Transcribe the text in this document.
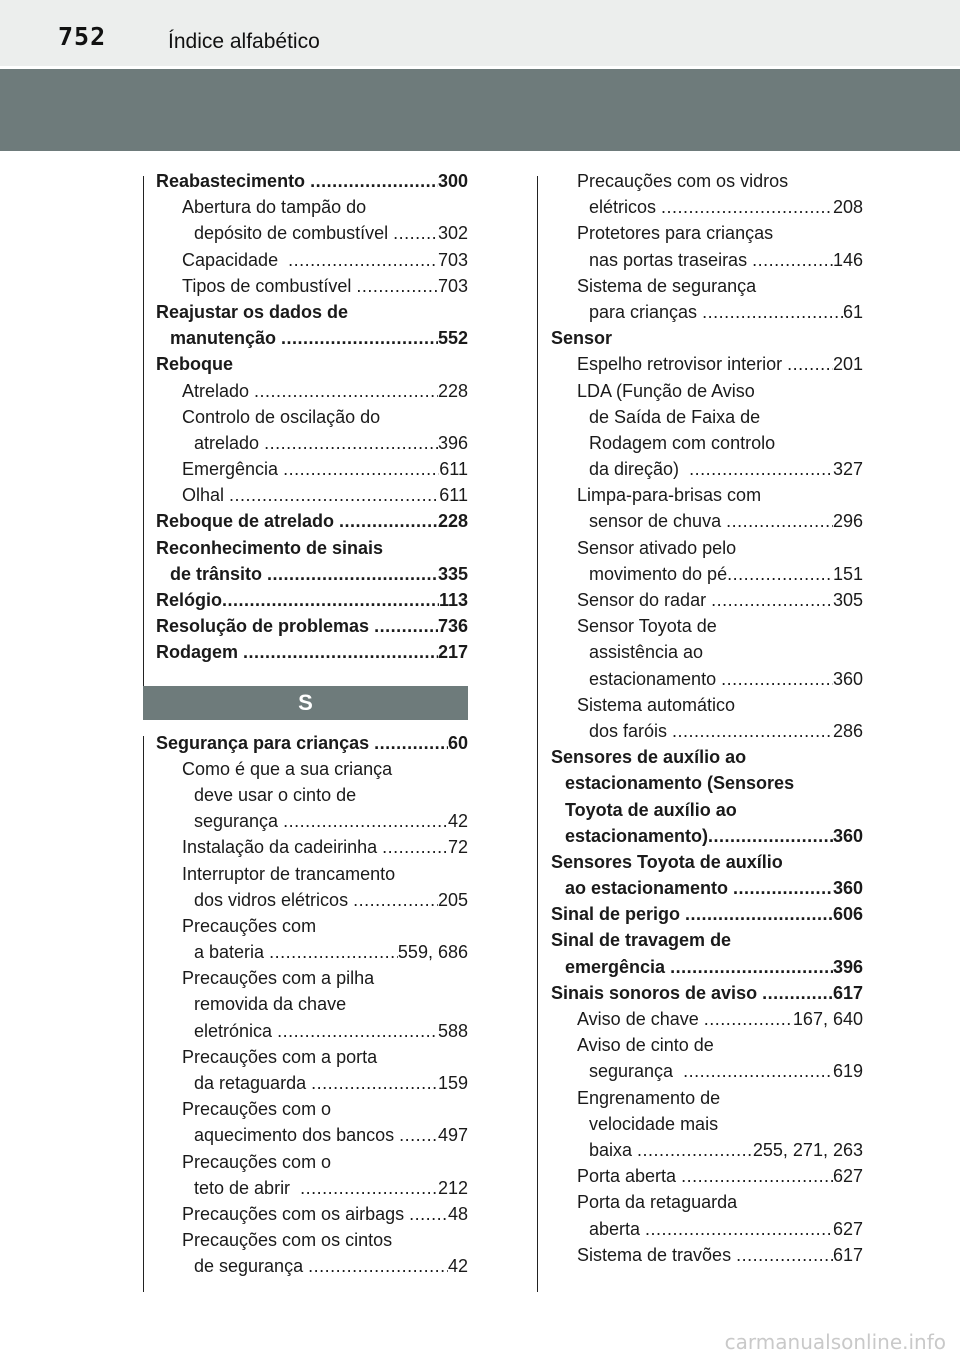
752	Índice alfabético
Reabastecimento .....	300
Abertura do tampão do
depósito de combustível ..... 302
Capacidade .....	703
Tipos de combustível .....	703
Reajustar os dados de
manutenção .....	552
Reboque
Atrelado .....	228
Controlo de oscilação do
atrelado .....	396
Emergência .....	611
Olhal .....	611
Reboque de atrelado .....	228
Reconhecimento de sinais
de trânsito .....	335
Relógio .....	113
Resolução de problemas .....	736
Rodagem .....	217
S
Segurança para crianças .....	60
Como é que a sua criança
deve usar o cinto de
segurança .....	42
Instalação da cadeirinha .....	72
Interruptor de trancamento
dos vidros elétricos .....	205
Precauções com
a bateria .....	559, 686
Precauções com a pilha
removida da chave
eletrónica .....	588
Precauções com a porta
da retaguarda .....	159
Precauções com o
aquecimento dos bancos ..... 497
Precauções com o
teto de abrir .....	212
Precauções com os airbags ..... 48
Precauções com os cintos
de segurança .....	42
Precauções com os vidros
elétricos .....	208
Protetores para crianças
nas portas traseiras .....	146
Sistema de segurança
para crianças .....	61
Sensor
Espelho retrovisor interior .....	201
LDA (Função de Aviso
de Saída de Faixa de
Rodagem com controlo
da direção) .....	327
Limpa-para-brisas com
sensor de chuva .....	296
Sensor ativado pelo
movimento do pé .....	151
Sensor do radar .....	305
Sensor Toyota de
assistência ao
estacionamento .....	360
Sistema automático
dos faróis .....	286
Sensores de auxílio ao
estacionamento (Sensores
Toyota de auxílio ao
estacionamento) .....	360
Sensores Toyota de auxílio
ao estacionamento .....	360
Sinal de perigo .....	606
Sinal de travagem de
emergência .....	396
Sinais sonoros de aviso .....	617
Aviso de chave .....	167, 640
Aviso de cinto de
segurança .....	619
Engrenamento de
velocidade mais
baixa .....	255, 271, 263
Porta aberta .....	627
Porta da retaguarda
aberta .....	627
Sistema de travões .....	617
carmanualsonline.info
